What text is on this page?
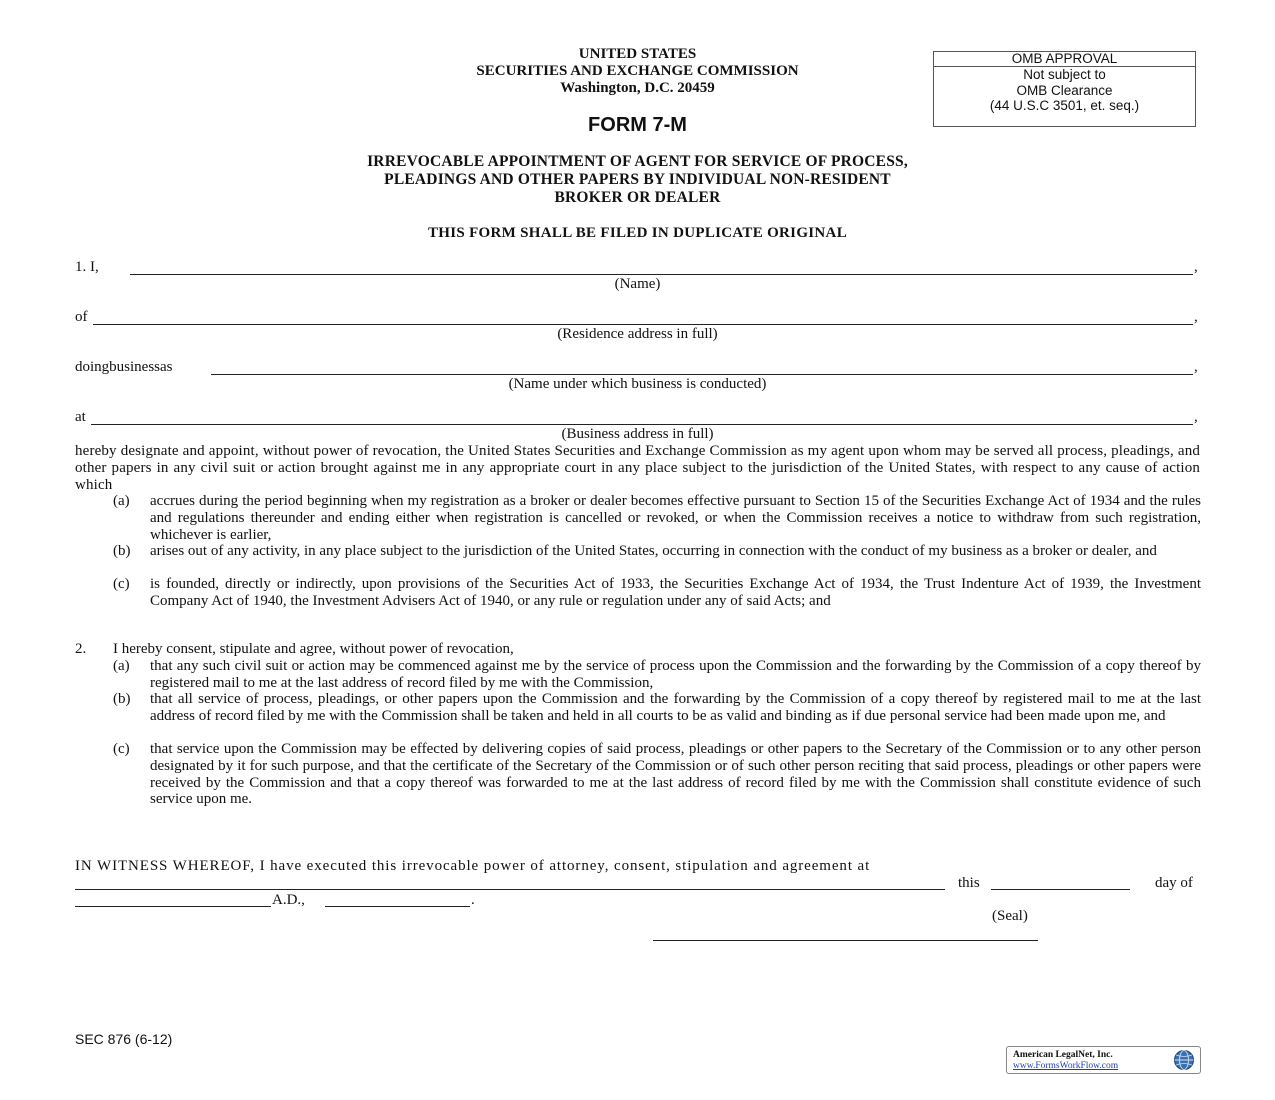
UNITED STATES
SECURITIES AND EXCHANGE COMMISSION
Washington, D.C. 20459
OMB APPROVAL
Not subject to
OMB Clearance
(44 U.S.C 3501, et. seq.)
FORM 7-M
IRREVOCABLE APPOINTMENT OF AGENT FOR SERVICE OF PROCESS,
PLEADINGS AND OTHER PAPERS BY INDIVIDUAL NON-RESIDENT
BROKER OR DEALER
THIS FORM SHALL BE FILED IN DUPLICATE ORIGINAL
1. I,	,
(Name)
of	,
(Residence address in full)
doingbusinessas	,
(Name under which business is conducted)
at	,
(Business address in full)
hereby designate and appoint, without power of revocation, the United States Securities and Exchange Commission as my agent upon whom may be served all process, pleadings, and other papers in any civil suit or action brought against me in any appropriate court in any place subject to the jurisdiction of the United States, with respect to any cause of action which
(a)	accrues during the period beginning when my registration as a broker or dealer becomes effective pursuant to Section 15 of the Securities Exchange Act of 1934 and the rules and regulations thereunder and ending either when registration is cancelled or revoked, or when the Commission receives a notice to withdraw from such registration, whichever is earlier,
(b)	arises out of any activity, in any place subject to the jurisdiction of the United States, occurring in connection with the conduct of my business as a broker or dealer, and
(c)	is founded, directly or indirectly, upon provisions of the Securities Act of 1933, the Securities Exchange Act of 1934, the Trust Indenture Act of 1939, the Investment Company Act of 1940, the Investment Advisers Act of 1940, or any rule or regulation under any of said Acts; and
2. I hereby consent, stipulate and agree, without power of revocation,
(a)	that any such civil suit or action may be commenced against me by the service of process upon the Commission and the forwarding by the Commission of a copy thereof by registered mail to me at the last address of record filed by me with the Commission,
(b)	that all service of process, pleadings, or other papers upon the Commission and the forwarding by the Commission of a copy thereof by registered mail to me at the last address of record filed by me with the Commission shall be taken and held in all courts to be as valid and binding as if due personal service had been made upon me, and
(c)	that service upon the Commission may be effected by delivering copies of said process, pleadings or other papers to the Secretary of the Commission or to any other person designated by it for such purpose, and that the certificate of the Secretary of the Commission or of such other person reciting that said process, pleadings or other papers were received by the Commission and that a copy thereof was forwarded to me at the last address of record filed by me with the Commission shall constitute evidence of such service upon me.
IN WITNESS WHEREOF, I have executed this irrevocable power of attorney, consent, stipulation and agreement at
this	day of
A.D.,	.
(Seal)
SEC 876 (6-12)
American LegalNet, Inc.
www.FormsWorkFlow.com
